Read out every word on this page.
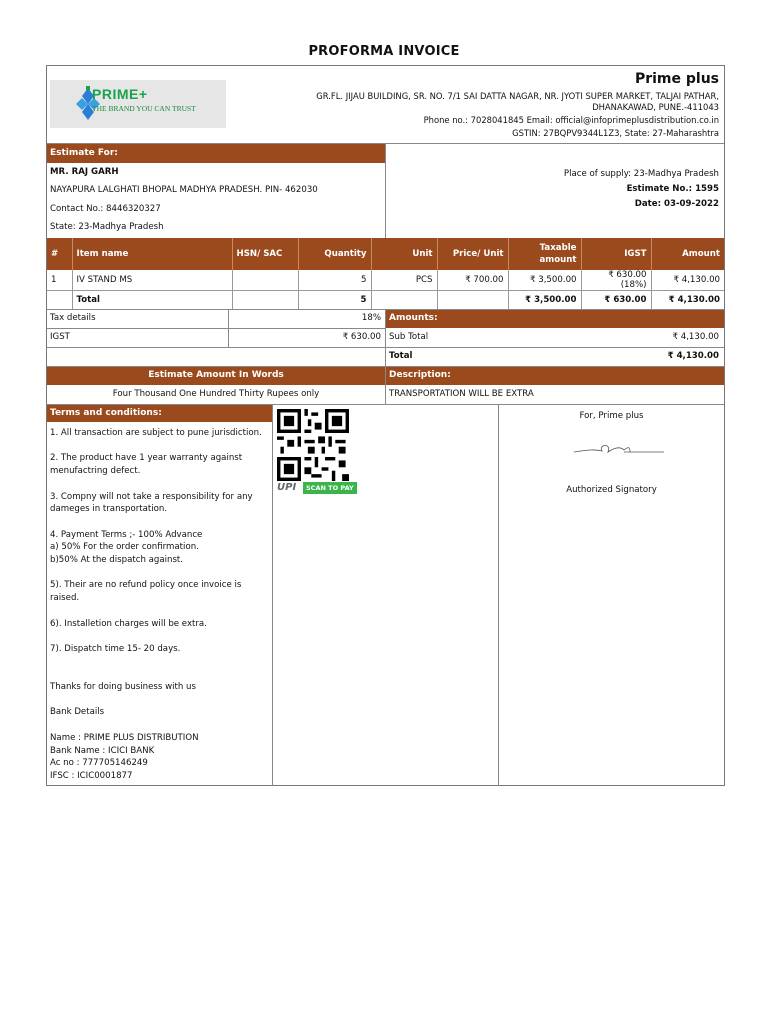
PROFORMA INVOICE
PRIME+
THE BRAND YOU CAN TRUST
Prime plus
GR.FL. JIJAU BUILDING, SR. NO. 7/1 SAI DATTA NAGAR, NR. JYOTI SUPER MARKET, TALJAI PATHAR,
DHANAKAWAD, PUNE.-411043
Phone no.: 7028041845 Email: official@infoprimeplusdistribution.co.in
GSTIN: 27BQPV9344L1Z3, State: 27-Maharashtra
Estimate For:
MR. RAJ GARH
NAYAPURA LALGHATI BHOPAL MADHYA PRADESH. PIN- 462030
Contact No.: 8446320327
State: 23-Madhya Pradesh
Place of supply: 23-Madhya Pradesh
Estimate No.: 1595
Date: 03-09-2022
#	Item name	HSN/ SAC	Quantity	Unit	Price/ Unit	Taxable amount	IGST	Amount
1	IV STAND MS		5	PCS	₹ 700.00	₹ 3,500.00	₹ 630.00 (18%)	₹ 4,130.00
	Total		5			₹ 3,500.00	₹ 630.00	₹ 4,130.00
Tax details	18%
IGST	₹ 630.00
Amounts:
Sub Total	₹ 4,130.00
Total	₹ 4,130.00
Estimate Amount In Words	Description:
Four Thousand One Hundred Thirty Rupees only	TRANSPORTATION WILL BE EXTRA
Terms and conditions:
1. All transaction are subject to pune jurisdiction.

2. The product have 1 year warranty against menufactring defect.

3. Compny will not take a responsibility for any dameges in transportation.

4. Payment Terms ;- 100% Advance
a) 50% For the order confirmation.
b)50% At the dispatch against.

5). Their are no refund policy once invoice is raised.

6). Installetion charges will be extra.

7). Dispatch time 15- 20 days.

Thanks for doing business with us

Bank Details

Name : PRIME PLUS DISTRIBUTION
Bank Name : ICICI BANK
Ac no : 777705146249
IFSC : ICIC0001877
UPI	SCAN TO PAY
For, Prime plus
Authorized Signatory
